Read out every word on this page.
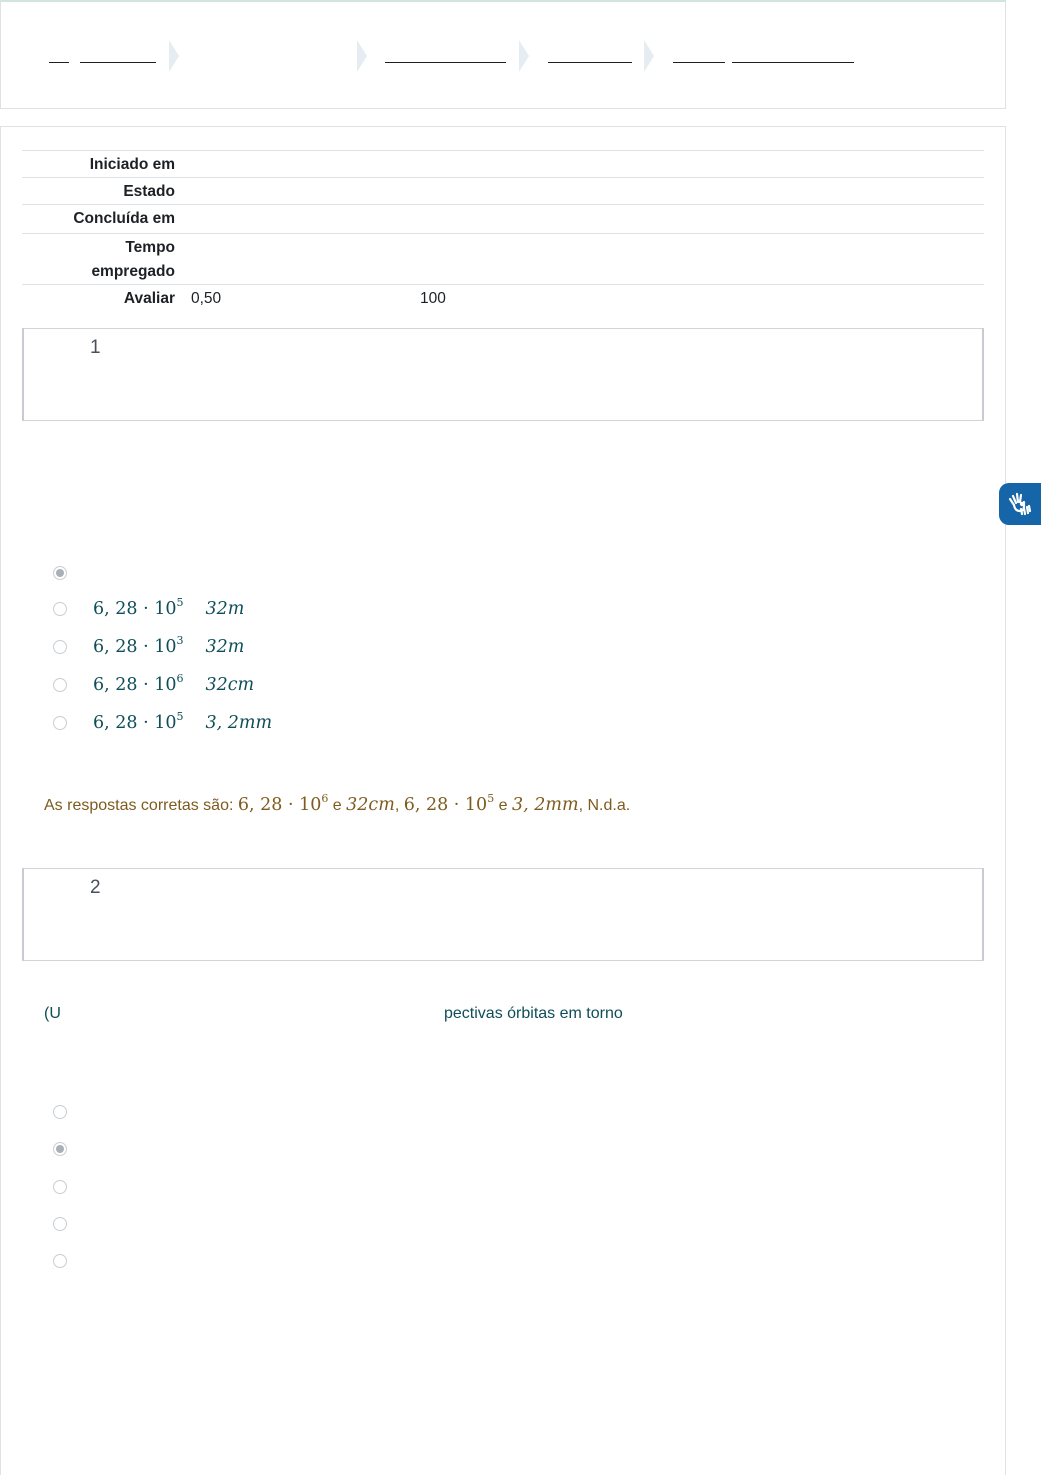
Iniciado em
Estado
Concluída em
Tempo
empregado
Avaliar 0,50	100
1
6, $28 \cdot 10^5$ 32m
6, $28 \cdot 10^3$ 32m
6, $28 \cdot 10^6$ 32cm
6, $28 \cdot 10^5$ 3, 2mm
As respostas corretas são: 6, $28 \cdot 10^6$ e 32cm, 6, $28 \cdot 10^5$ e 3, 2mm, N.d.a.
2
(U	pectivas órbitas em torno
